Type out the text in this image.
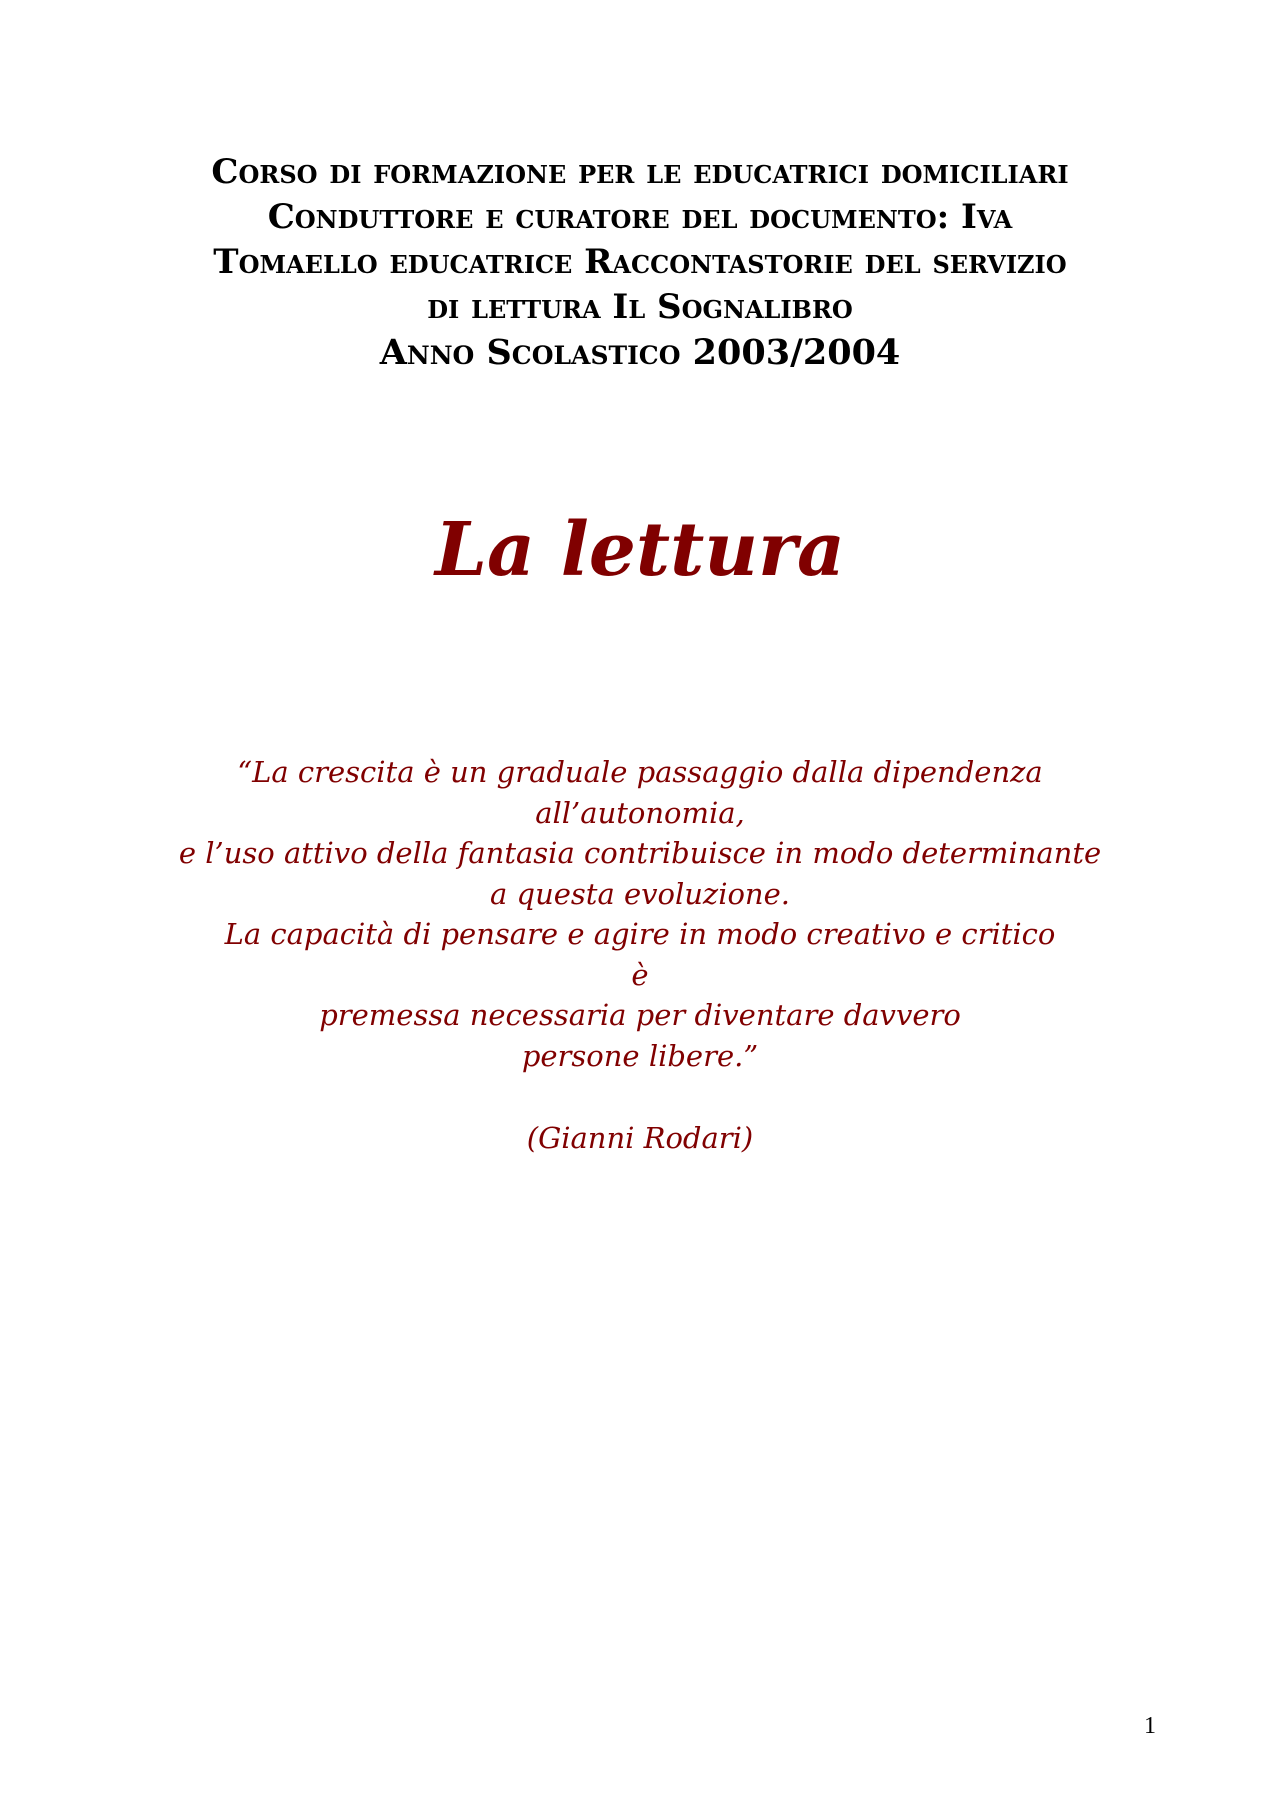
Corso di formazione per le educatrici domiciliari
Conduttore e curatore del documento: Iva
Tomaello educatrice Raccontastorie del servizio
di lettura Il Sognalibro
Anno Scolastico 2003/2004
La lettura
“La crescita è un graduale passaggio dalla dipendenza
all’autonomia,
e l’uso attivo della fantasia contribuisce in modo determinante
a questa evoluzione.
La capacità di pensare e agire in modo creativo e critico
è
premessa necessaria per diventare davvero
persone libere.”
(Gianni Rodari)
1
